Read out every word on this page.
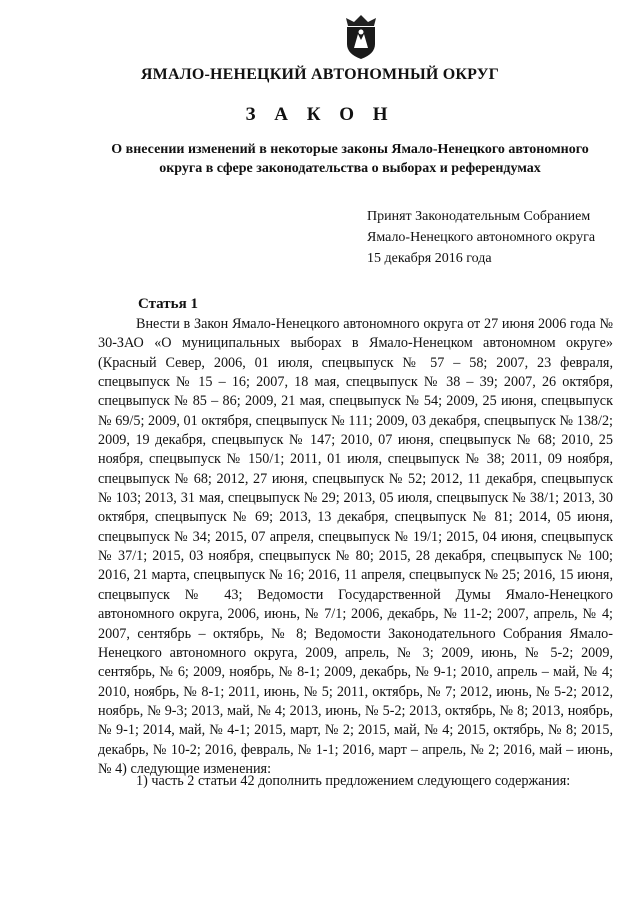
ЯМАЛО-НЕНЕЦКИЙ АВТОНОМНЫЙ ОКРУГ
З А К О Н
О внесении изменений в некоторые законы Ямало-Ненецкого автономного округа в сфере законодательства о выборах и референдумах
Принят Законодательным Собранием
Ямало-Ненецкого автономного округа
15 декабря 2016 года
Статья 1
Внести в Закон Ямало-Ненецкого автономного округа от 27 июня 2006 года № 30-ЗАО «О муниципальных выборах в Ямало-Ненецком автономном округе» (Красный Север, 2006, 01 июля, спецвыпуск № 57 – 58; 2007, 23 февраля, спецвыпуск № 15 – 16; 2007, 18 мая, спецвыпуск № 38 – 39; 2007, 26 октября, спецвыпуск № 85 – 86; 2009, 21 мая, спецвыпуск № 54; 2009, 25 июня, спецвыпуск № 69/5; 2009, 01 октября, спецвыпуск № 111; 2009, 03 декабря, спецвыпуск № 138/2; 2009, 19 декабря, спецвыпуск № 147; 2010, 07 июня, спецвыпуск № 68; 2010, 25 ноября, спецвыпуск № 150/1; 2011, 01 июля, спецвыпуск № 38; 2011, 09 ноября, спецвыпуск № 68; 2012, 27 июня, спецвыпуск № 52; 2012, 11 декабря, спецвыпуск № 103; 2013, 31 мая, спецвыпуск № 29; 2013, 05 июля, спецвыпуск № 38/1; 2013, 30 октября, спецвыпуск № 69; 2013, 13 декабря, спецвыпуск № 81; 2014, 05 июня, спецвыпуск № 34; 2015, 07 апреля, спецвыпуск № 19/1; 2015, 04 июня, спецвыпуск № 37/1; 2015, 03 ноября, спецвыпуск № 80; 2015, 28 декабря, спецвыпуск № 100; 2016, 21 марта, спецвыпуск № 16; 2016, 11 апреля, спецвыпуск № 25; 2016, 15 июня, спецвыпуск № 43; Ведомости Государственной Думы Ямало-Ненецкого автономного округа, 2006, июнь, № 7/1; 2006, декабрь, № 11-2; 2007, апрель, № 4; 2007, сентябрь – октябрь, № 8; Ведомости Законодательного Собрания Ямало-Ненецкого автономного округа, 2009, апрель, № 3; 2009, июнь, № 5-2; 2009, сентябрь, № 6; 2009, ноябрь, № 8-1; 2009, декабрь, № 9-1; 2010, апрель – май, № 4; 2010, ноябрь, № 8-1; 2011, июнь, № 5; 2011, октябрь, № 7; 2012, июнь, № 5-2; 2012, ноябрь, № 9-3; 2013, май, № 4; 2013, июнь, № 5-2; 2013, октябрь, № 8; 2013, ноябрь, № 9-1; 2014, май, № 4-1; 2015, март, № 2; 2015, май, № 4; 2015, октябрь, № 8; 2015, декабрь, № 10-2; 2016, февраль, № 1-1; 2016, март – апрель, № 2; 2016, май – июнь, № 4) следующие изменения:
1) часть 2 статьи 42 дополнить предложением следующего содержания:
